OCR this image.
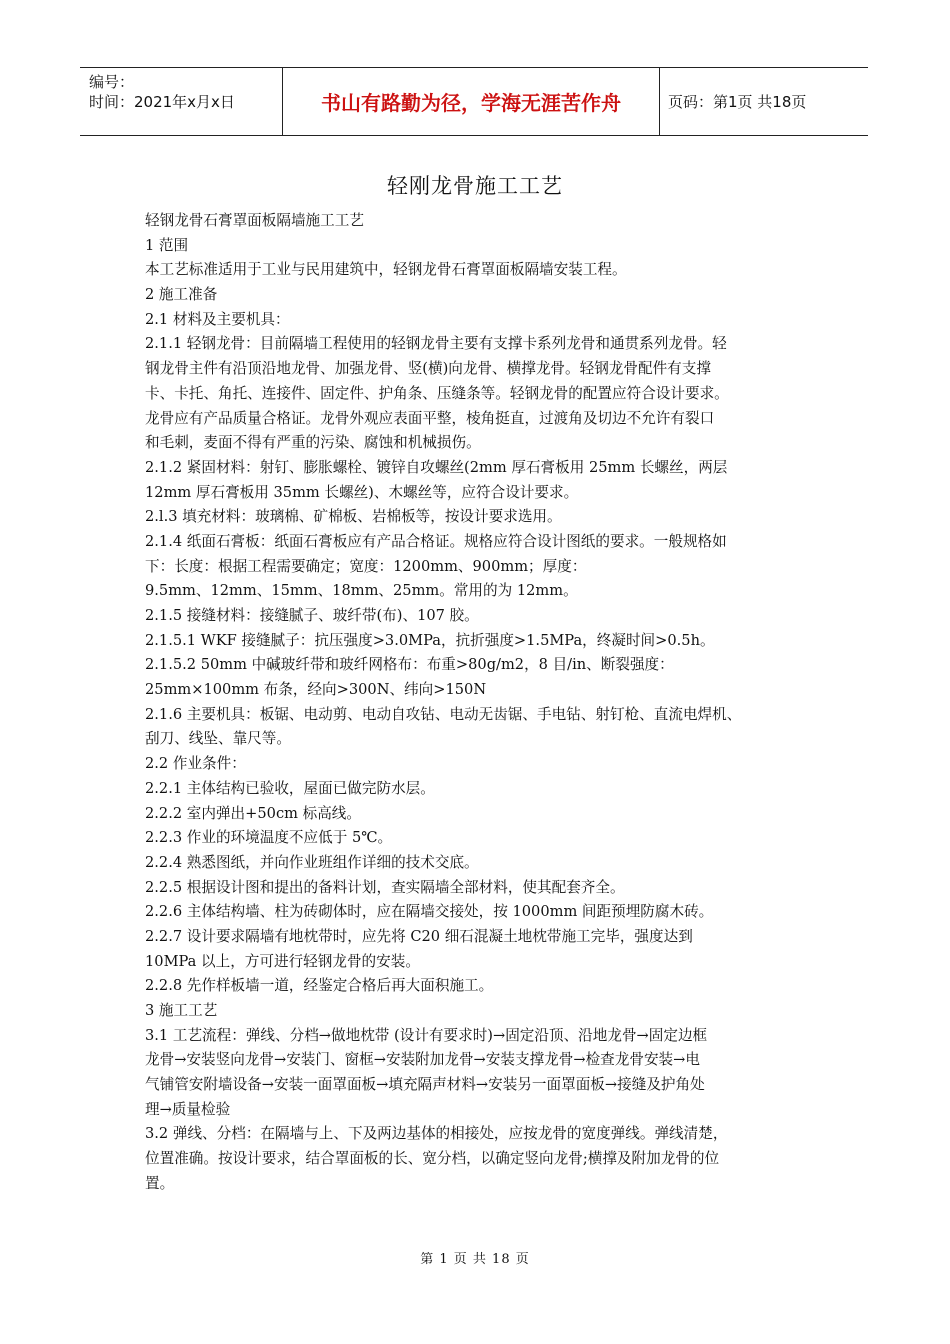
编号：
时间：2021年x月x日	书山有路勤为径，学海无涯苦作舟	页码：第1页 共18页
轻刚龙骨施工工艺
轻钢龙骨石膏罩面板隔墙施工工艺
1 范围
本工艺标准适用于工业与民用建筑中，轻钢龙骨石膏罩面板隔墙安装工程。
2 施工准备
2.1 材料及主要机具：
2.1.1 轻钢龙骨：目前隔墙工程使用的轻钢龙骨主要有支撑卡系列龙骨和通贯系列龙骨。轻
钢龙骨主件有沿顶沿地龙骨、加强龙骨、竖(横)向龙骨、横撑龙骨。轻钢龙骨配件有支撑
卡、卡托、角托、连接件、固定件、护角条、压缝条等。轻钢龙骨的配置应符合设计要求。
龙骨应有产品质量合格证。龙骨外观应表面平整，棱角挺直，过渡角及切边不允许有裂口
和毛刺，麦面不得有严重的污染、腐蚀和机械损伤。
2.1.2 紧固材料：射钉、膨胀螺栓、镀锌自攻螺丝(2mm 厚石膏板用 25mm 长螺丝，两层
12mm 厚石膏板用 35mm 长螺丝)、木螺丝等，应符合设计要求。
2.l.3 填充材料：玻璃棉、矿棉板、岩棉板等，按设计要求选用。
2.1.4 纸面石膏板：纸面石膏板应有产品合格证。规格应符合设计图纸的要求。一般规格如
下：长度：根据工程需要确定；宽度：1200mm、900mm；厚度：
9.5mm、12mm、15mm、18mm、25mm。常用的为 12mm。
2.1.5 接缝材料：接缝腻子、玻纤带(布)、107 胶。
2.1.5.1 WKF 接缝腻子：抗压强度>3.0MPa，抗折强度>1.5MPa，终凝时间>0.5h。
2.1.5.2 50mm 中碱玻纤带和玻纤网格布：布重>80g/m2，8 目/in、断裂强度：
25mm×100mm 布条，经向>300N、纬向>150N
2.1.6 主要机具：板锯、电动剪、电动自攻钻、电动无齿锯、手电钻、射钉枪、直流电焊机、
刮刀、线坠、靠尺等。
2.2 作业条件：
2.2.1 主体结构已验收，屋面已做完防水层。
2.2.2 室内弹出+50cm 标高线。
2.2.3 作业的环境温度不应低于 5℃。
2.2.4 熟悉图纸，并向作业班组作详细的技术交底。
2.2.5 根据设计图和提出的备料计划，查实隔墙全部材料，使其配套齐全。
2.2.6 主体结构墙、柱为砖砌体时，应在隔墙交接处，按 1000mm 间距预埋防腐木砖。
2.2.7 设计要求隔墙有地枕带时，应先将 C20 细石混凝土地枕带施工完毕，强度达到
10MPa 以上，方可进行轻钢龙骨的安装。
2.2.8 先作样板墙一道，经鉴定合格后再大面积施工。
3 施工工艺
3.1 工艺流程：弹线、分档→做地枕带 (设计有要求时)→固定沿顶、沿地龙骨→固定边框
龙骨→安装竖向龙骨→安装门、窗框→安装附加龙骨→安装支撑龙骨→检查龙骨安装→电
气铺管安附墙设备→安装一面罩面板→填充隔声材料→安装另一面罩面板→接缝及护角处
理→质量检验
3.2 弹线、分档：在隔墙与上、下及两边基体的相接处，应按龙骨的宽度弹线。弹线清楚，
位置准确。按设计要求，结合罩面板的长、宽分档，以确定竖向龙骨;横撑及附加龙骨的位
置。
第 1 页 共 18 页
